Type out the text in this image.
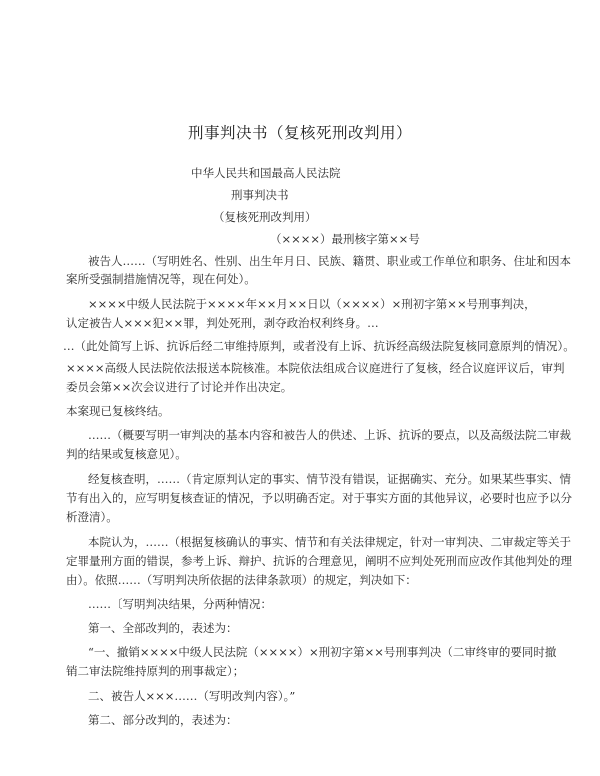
刑事判决书（复核死刑改判用）
中华人民共和国最高人民法院
刑事判决书
（复核死刑改判用）
（××××）最刑核字第××号
被告人……（写明姓名、性别、出生年月日、民族、籍贯、职业或工作单位和职务、住址和因本
案所受强制措施情况等，现在何处）。
××××中级人民法院于××××年××月××日以（××××）×刑初字第××号刑事判决，
认定被告人×××犯××罪，判处死刑，剥夺政治权利终身。…
…（此处简写上诉、抗诉后经二审维持原判，或者没有上诉、抗诉经高级法院复核同意原判的情况）。
××××高级人民法院依法报送本院核准。本院依法组成合议庭进行了复核，经合议庭评议后，审判
委员会第××次会议进行了讨论并作出决定。
本案现已复核终结。
……（概要写明一审判决的基本内容和被告人的供述、上诉、抗诉的要点，以及高级法院二审裁
判的结果或复核意见）。
经复核查明，……（肯定原判认定的事实、情节没有错误，证据确实、充分。如果某些事实、情
节有出入的，应写明复核查证的情况，予以明确否定。对于事实方面的其他异议，必要时也应予以分
析澄清）。
本院认为，……（根据复核确认的事实、情节和有关法律规定，针对一审判决、二审裁定等关于
定罪量刑方面的错误，参考上诉、辩护、抗诉的合理意见，阐明不应判处死刑而应改作其他判处的理
由）。依照……（写明判决所依据的法律条款项）的规定，判决如下：
……〔写明判决结果，分两种情况：
第一、全部改判的，表述为：
“一、撤销××××中级人民法院（××××）×刑初字第××号刑事判决（二审终审的要同时撤
销二审法院维持原判的刑事裁定）；
二、被告人×××……（写明改判内容）。”
第二、部分改判的，表述为：
